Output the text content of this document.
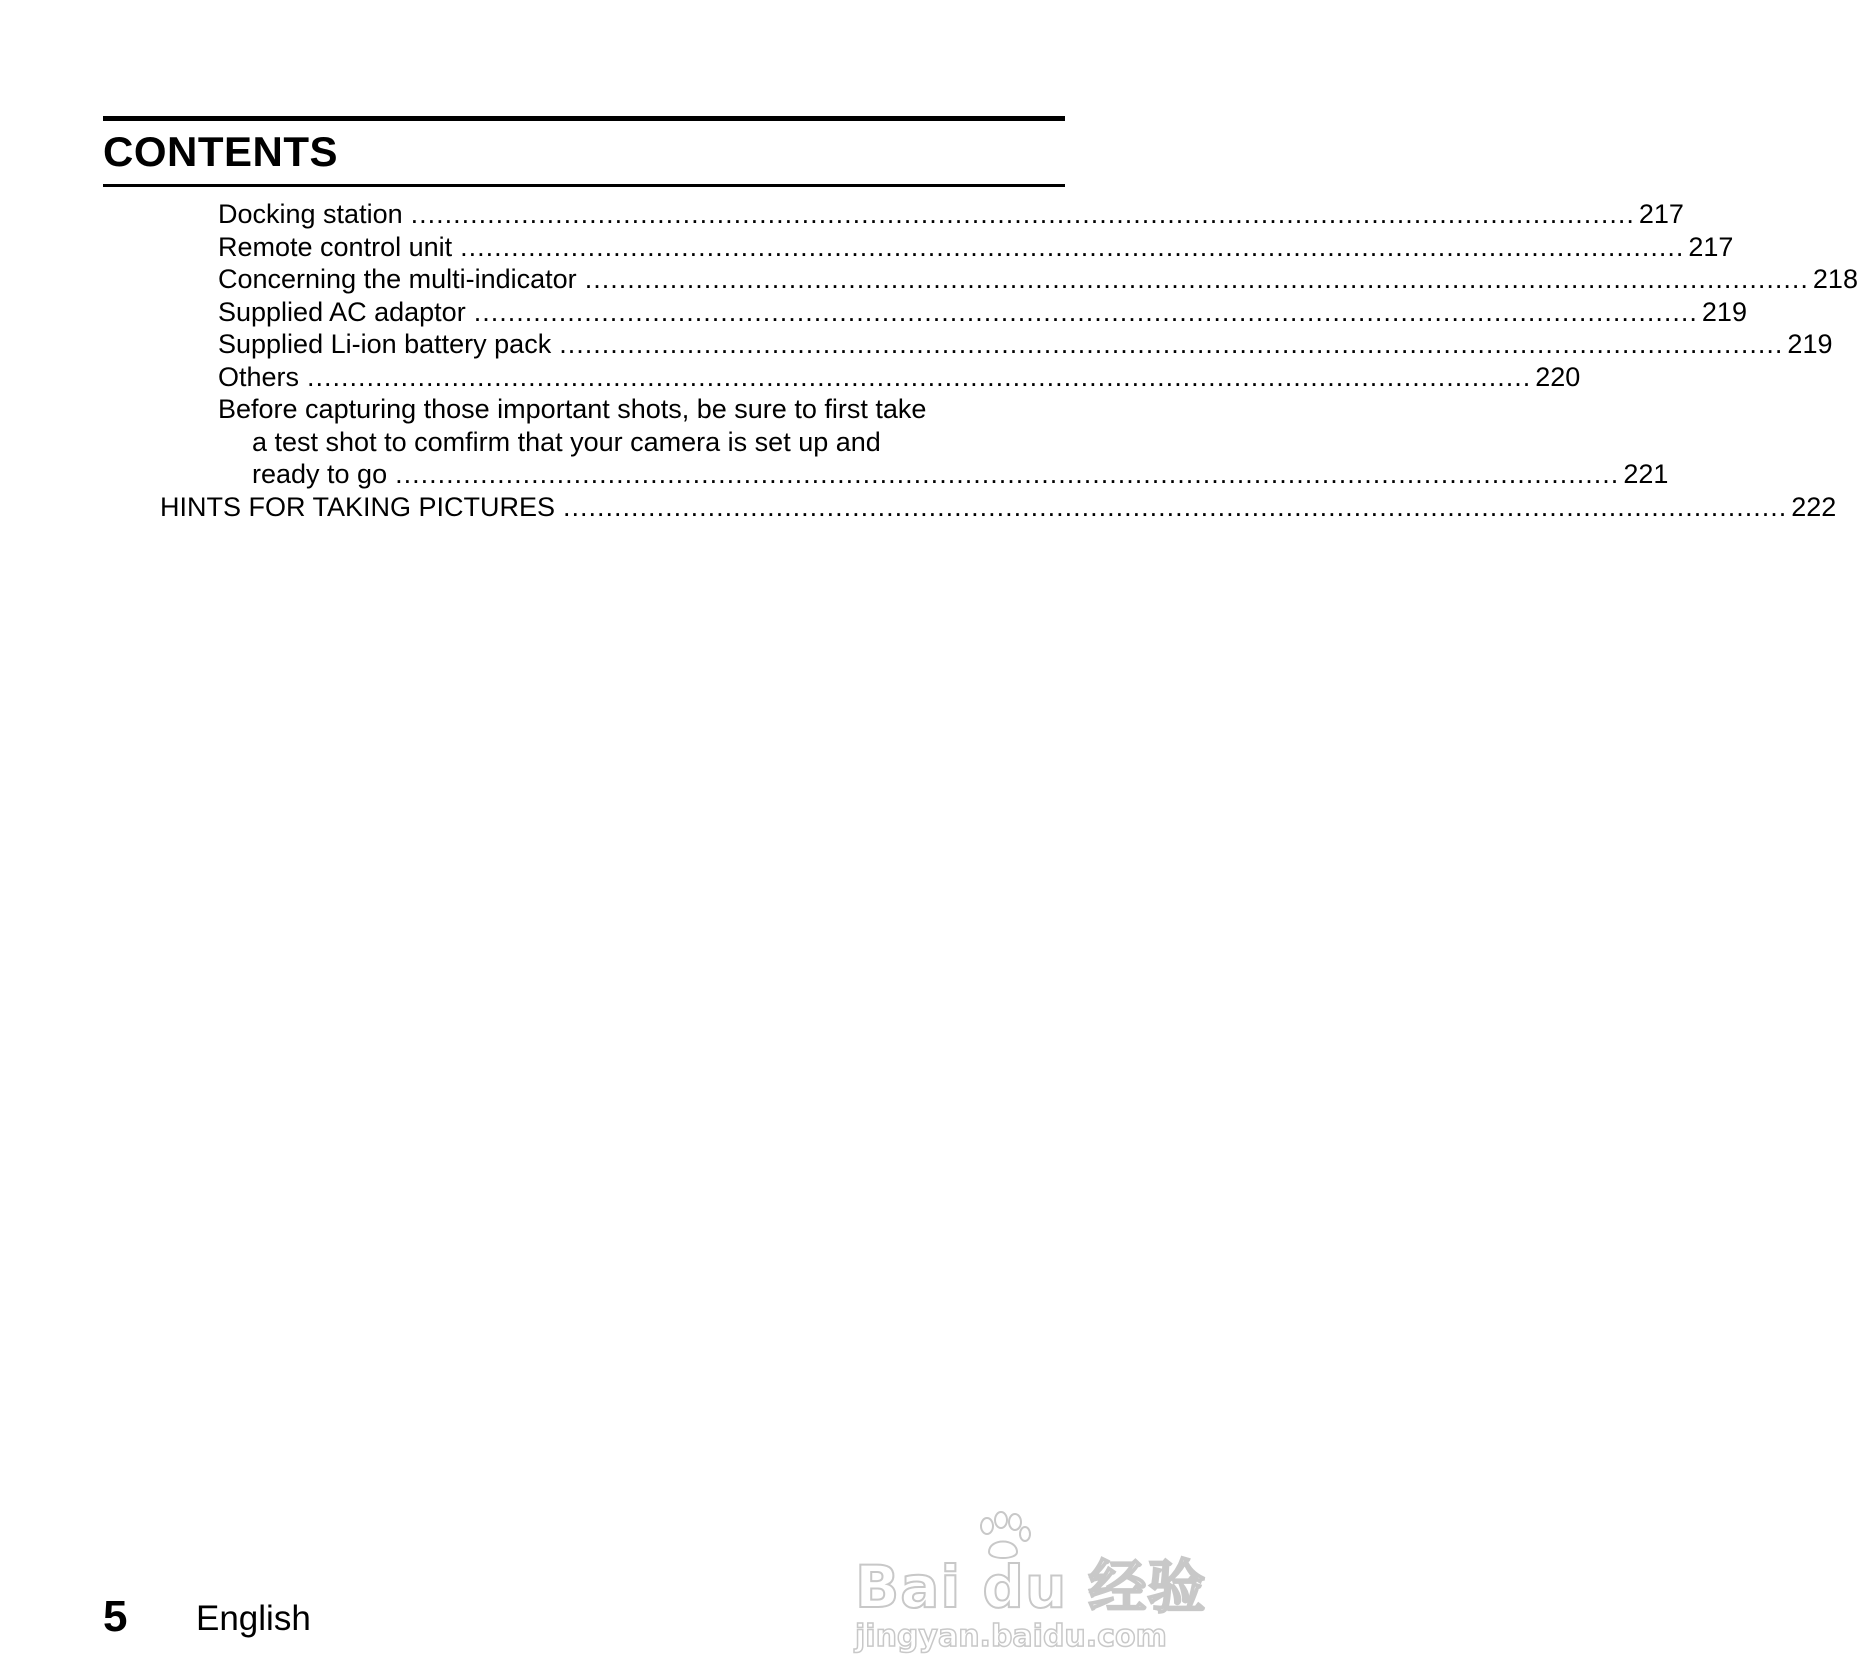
CONTENTS
Docking station ................................................................................................................................................ 217
Remote control unit ................................................................................................................................................ 217
Concerning the multi-indicator ................................................................................................................................................ 218
Supplied AC adaptor ................................................................................................................................................ 219
Supplied Li-ion battery pack ................................................................................................................................................ 219
Others ................................................................................................................................................ 220
Before capturing those important shots, be sure to first take
a test shot to comfirm that your camera is set up and
ready to go ................................................................................................................................................ 221
HINTS FOR TAKING PICTURES ................................................................................................................................................ 222
5 English	Bai du 经验
jingyan.baidu.com
